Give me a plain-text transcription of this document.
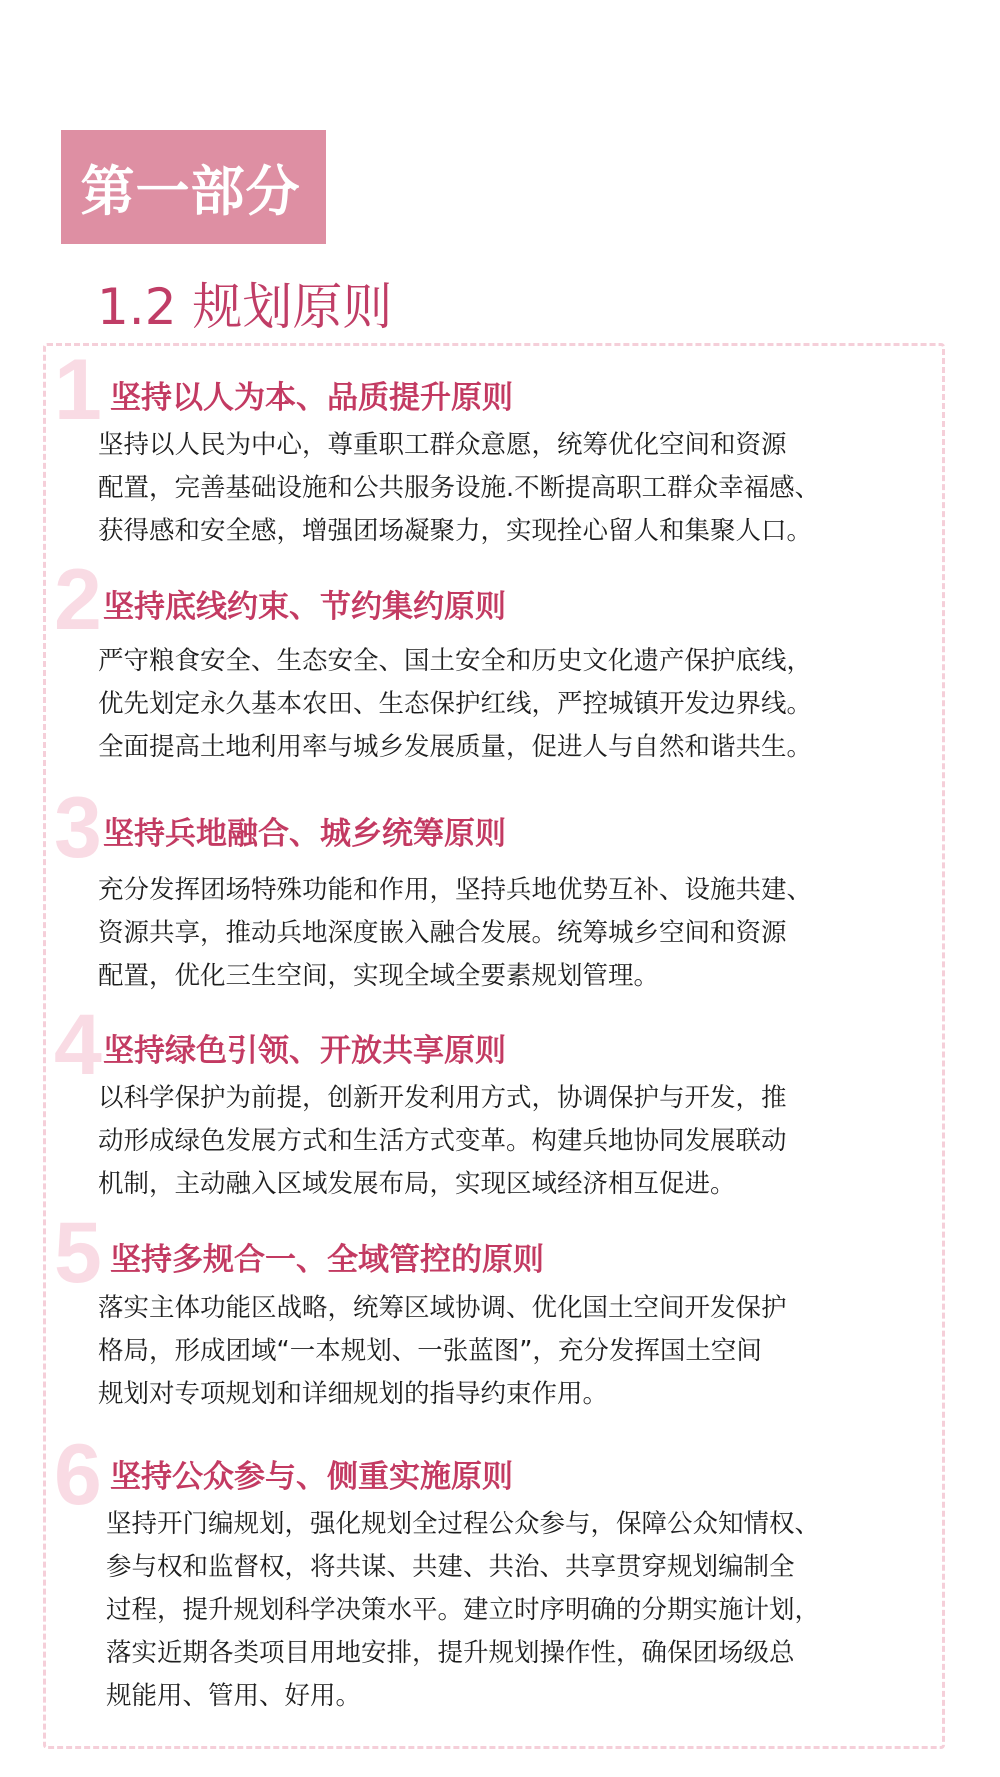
第一部分
1.2 规划原则
1 坚持以人为本、品质提升原则

坚持以人民为中心，尊重职工群众意愿，统筹优化空间和资源
配置，完善基础设施和公共服务设施.不断提高职工群众幸福感、
获得感和安全感，增强团场凝聚力，实现拴心留人和集聚人口。

2 坚持底线约束、节约集约原则

严守粮食安全、生态安全、国土安全和历史文化遗产保护底线，
优先划定永久基本农田、生态保护红线，严控城镇开发边界线。
全面提高土地利用率与城乡发展质量，促进人与自然和谐共生。

3 坚持兵地融合、城乡统筹原则

充分发挥团场特殊功能和作用，坚持兵地优势互补、设施共建、
资源共享，推动兵地深度嵌入融合发展。统筹城乡空间和资源
配置，优化三生空间，实现全域全要素规划管理。

4 坚持绿色引领、开放共享原则

以科学保护为前提，创新开发利用方式，协调保护与开发，推
动形成绿色发展方式和生活方式变革。构建兵地协同发展联动
机制，主动融入区域发展布局，实现区域经济相互促进。

5 坚持多规合一、全域管控的原则

落实主体功能区战略，统筹区域协调、优化国土空间开发保护
格局，形成团域“一本规划、一张蓝图”，充分发挥国土空间
规划对专项规划和详细规划的指导约束作用。

6 坚持公众参与、侧重实施原则

坚持开门编规划，强化规划全过程公众参与，保障公众知情权、
参与权和监督权，将共谋、共建、共治、共享贯穿规划编制全
过程，提升规划科学决策水平。建立时序明确的分期实施计划，
落实近期各类项目用地安排，提升规划操作性，确保团场级总
规能用、管用、好用。
